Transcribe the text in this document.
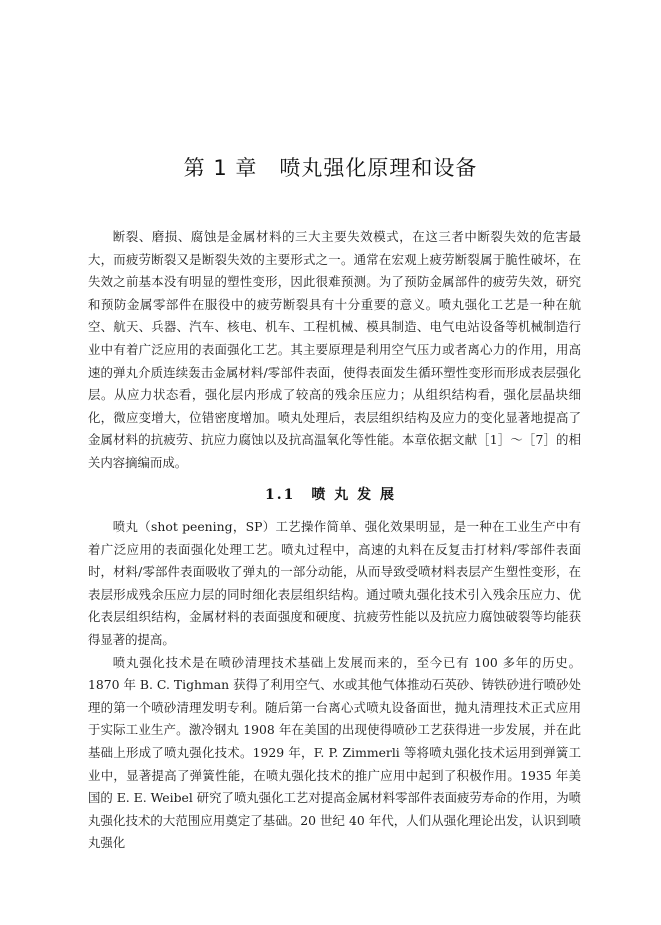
第 1 章 喷丸强化原理和设备

断裂、磨损、腐蚀是金属材料的三大主要失效模式，在这三者中断裂失效的危害最大，而疲劳断裂又是断裂失效的主要形式之一。通常在宏观上疲劳断裂属于脆性破坏，在失效之前基本没有明显的塑性变形，因此很难预测。为了预防金属部件的疲劳失效，研究和预防金属零部件在服役中的疲劳断裂具有十分重要的意义。喷丸强化工艺是一种在航空、航天、兵器、汽车、核电、机车、工程机械、模具制造、电气电站设备等机械制造行业中有着广泛应用的表面强化工艺。其主要原理是利用空气压力或者离心力的作用，用高速的弹丸介质连续轰击金属材料/零部件表面，使得表面发生循环塑性变形而形成表层强化层。从应力状态看，强化层内形成了较高的残余压应力；从组织结构看，强化层晶块细化，微应变增大，位错密度增加。喷丸处理后，表层组织结构及应力的变化显著地提高了金属材料的抗疲劳、抗应力腐蚀以及抗高温氧化等性能。本章依据文献［1］～［7］的相关内容摘编而成。

1.1 喷 丸 发 展

喷丸（shot peening，SP）工艺操作简单、强化效果明显，是一种在工业生产中有着广泛应用的表面强化处理工艺。喷丸过程中，高速的丸料在反复击打材料/零部件表面时，材料/零部件表面吸收了弹丸的一部分动能，从而导致受喷材料表层产生塑性变形，在表层形成残余压应力层的同时细化表层组织结构。通过喷丸强化技术引入残余压应力、优化表层组织结构，金属材料的表面强度和硬度、抗疲劳性能以及抗应力腐蚀破裂等均能获得显著的提高。

喷丸强化技术是在喷砂清理技术基础上发展而来的，至今已有 100 多年的历史。1870 年 B. C. Tighman 获得了利用空气、水或其他气体推动石英砂、铸铁砂进行喷砂处理的第一个喷砂清理发明专利。随后第一台离心式喷丸设备面世，抛丸清理技术正式应用于实际工业生产。激冷钢丸 1908 年在美国的出现使得喷砂工艺获得进一步发展，并在此基础上形成了喷丸强化技术。1929 年，F. P. Zimmerli 等将喷丸强化技术运用到弹簧工业中，显著提高了弹簧性能，在喷丸强化技术的推广应用中起到了积极作用。1935 年美国的 E. E. Weibel 研究了喷丸强化工艺对提高金属材料零部件表面疲劳寿命的作用，为喷丸强化技术的大范围应用奠定了基础。20 世纪 40 年代，人们从强化理论出发，认识到喷丸强化
